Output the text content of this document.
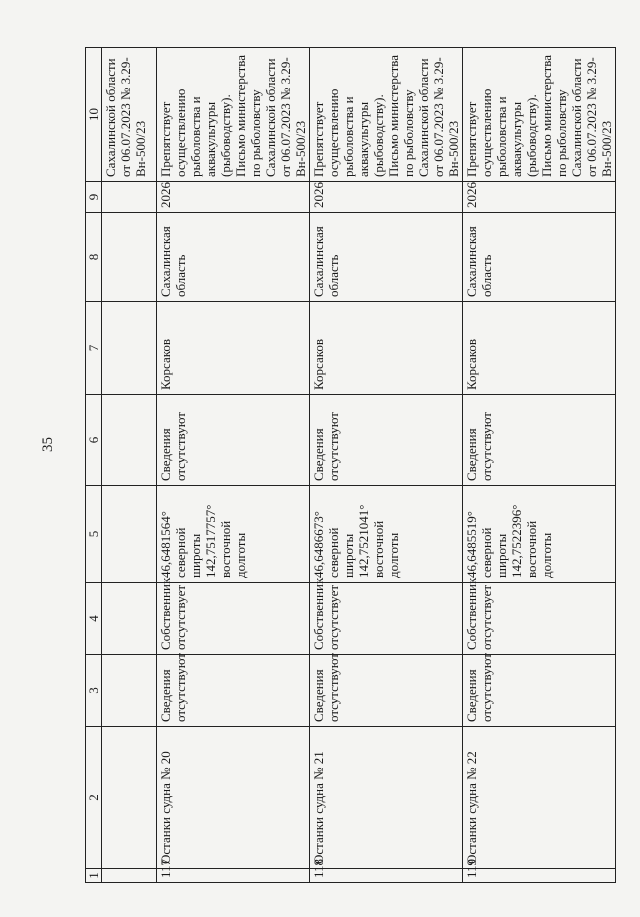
35
1	2	3	4	5	6	7	8	9	10
									Сахалинской области от 06.07.2023 № 3.29-Вн-500/23
117	Останки судна № 20	Сведения отсутствуют	Собственник отсутствует	46,6481564° северной широты 142,7517757° восточной долготы	Сведения отсутствуют	Корсаков	Сахалинская область	2026	Препятствует осуществлению рыболовства и аквакультуры (рыбоводству). Письмо министерства по рыболовству Сахалинской области от 06.07.2023 № 3.29-Вн-500/23
118	Останки судна № 21	Сведения отсутствуют	Собственник отсутствует	46,6486673° северной широты 142,7521041° восточной долготы	Сведения отсутствуют	Корсаков	Сахалинская область	2026	Препятствует осуществлению рыболовства и аквакультуры (рыбоводству). Письмо министерства по рыболовству Сахалинской области от 06.07.2023 № 3.29-Вн-500/23
119	Останки судна № 22	Сведения отсутствуют	Собственник отсутствует	46,6485519° северной широты 142,7522396° восточной долготы	Сведения отсутствуют	Корсаков	Сахалинская область	2026	Препятствует осуществлению рыболовства и аквакультуры (рыбоводству). Письмо министерства по рыболовству Сахалинской области от 06.07.2023 № 3.29-Вн-500/23
